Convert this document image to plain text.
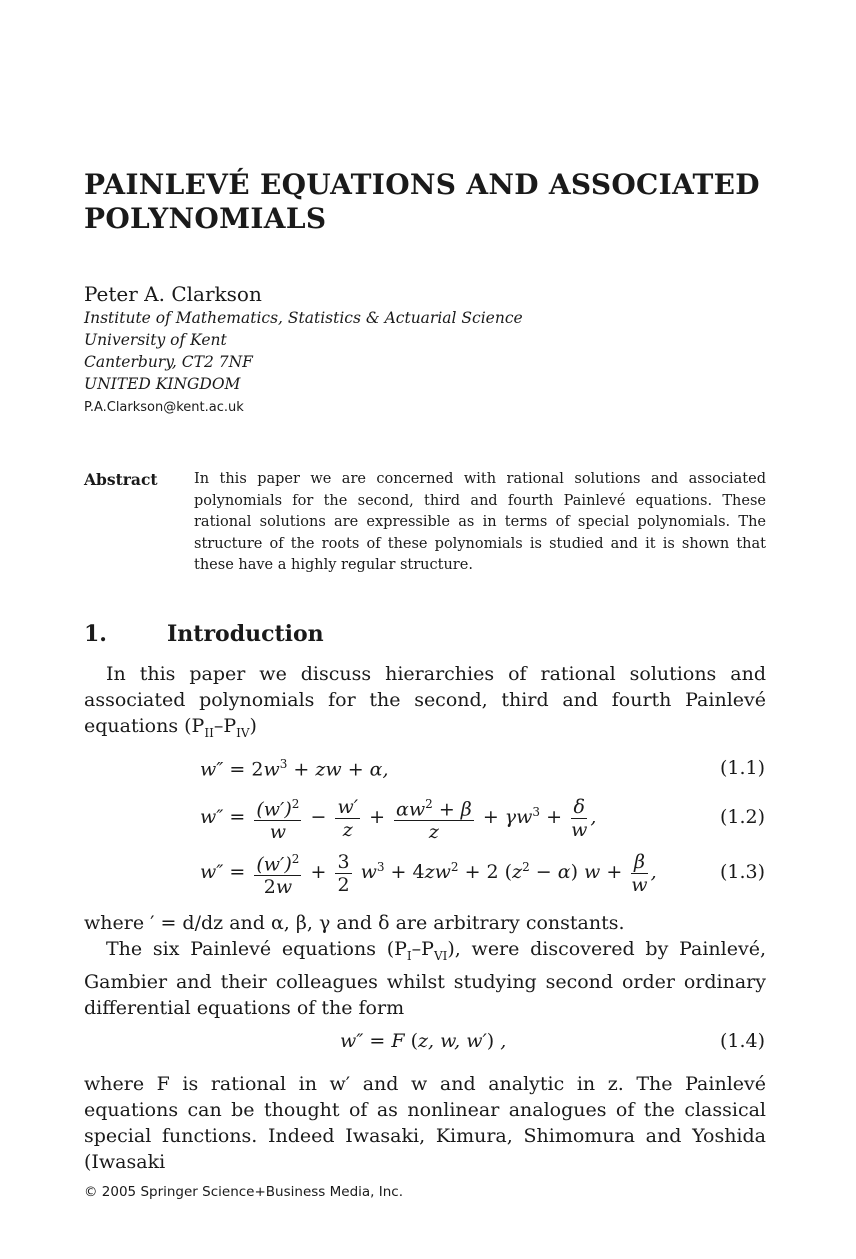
PAINLEVÉ EQUATIONS AND ASSOCIATED
POLYNOMIALS
Peter A. Clarkson
Institute of Mathematics, Statistics & Actuarial Science
University of Kent
Canterbury, CT2 7NF
UNITED KINGDOM
P.A.Clarkson@kent.ac.uk
Abstract	In this paper we are concerned with rational solutions and associated polynomials for the second, third and fourth Painlevé equations. These rational solutions are expressible as in terms of special polynomials. The structure of the roots of these polynomials is studied and it is shown that these have a highly regular structure.
1.	Introduction
In this paper we discuss hierarchies of rational solutions and associated polynomials for the second, third and fourth Painlevé equations $(P_{II}-P_{IV})$
$w'' = 2w^3$ + zw + α,	(1.1)
$w'' = \frac{(w')^2}{w} - \frac{w'}{z} + \frac{\alpha w^2 + \beta}{z} + \gamma w^3 + \frac{\delta}{w}$ ,	(1.2)
$w'' = \frac{(w')^2}{2w} + \frac{3}{2} w^3 + 4zw^2 + 2$ $(z^2 - \alpha) w + \frac{\beta}{w}$ ,	(1.3)
where ′ = d/dz and α, β, γ and δ are arbitrary constants.
The six Painlevé equations $(P_I-P_{VI})$, were discovered by Painlevé, Gambier and their colleagues whilst studying second order ordinary differential equations of the form
w″ = F (z, w, w′) ,	(1.4)
where F is rational in w′ and w and analytic in z. The Painlevé equations can be thought of as nonlinear analogues of the classical special functions. Indeed Iwasaki, Kimura, Shimomura and Yoshida (Iwasaki
© 2005 Springer Science+Business Media, Inc.
